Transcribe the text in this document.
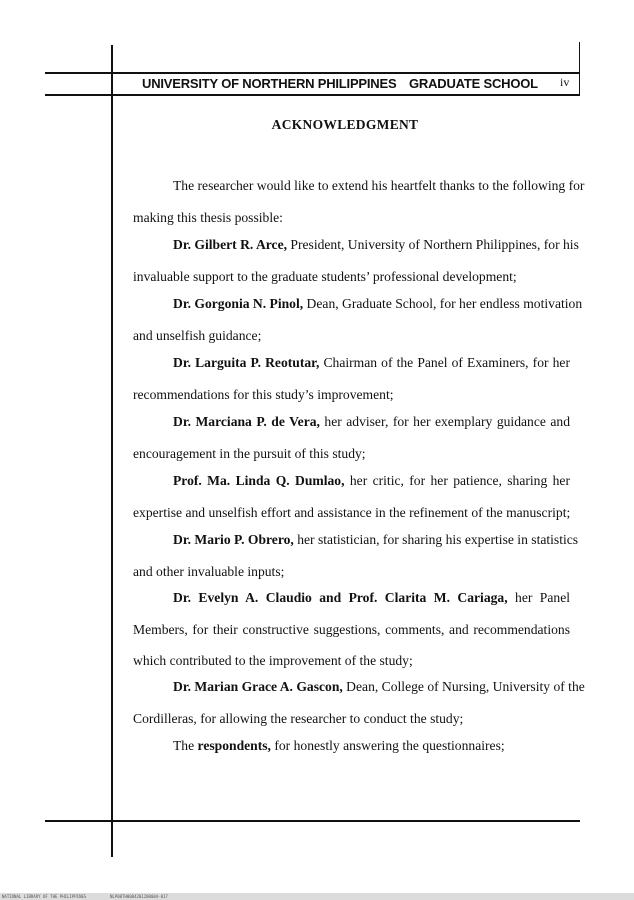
UNIVERSITY OF NORTHERN PHILIPPINES GRADUATE SCHOOL iv
ACKNOWLEDGMENT
The researcher would like to extend his heartfelt thanks to the following for
making this thesis possible:
Dr. Gilbert R. Arce, President, University of Northern Philippines, for his
invaluable support to the graduate students’ professional development;
Dr. Gorgonia N. Pinol, Dean, Graduate School, for her endless motivation
and unselfish guidance;
Dr. Larguita P. Reotutar, Chairman of the Panel of Examiners, for her
recommendations for this study’s improvement;
Dr. Marciana P. de Vera, her adviser, for her exemplary guidance and
encouragement in the pursuit of this study;
Prof. Ma. Linda Q. Dumlao, her critic, for her patience, sharing her
expertise and unselfish effort and assistance in the refinement of the manuscript;
Dr. Mario P. Obrero, her statistician, for sharing his expertise in statistics
and other invaluable inputs;
Dr. Evelyn A. Claudio and Prof. Clarita M. Cariaga, her Panel
Members, for their constructive suggestions, comments, and recommendations
which contributed to the improvement of the study;
Dr. Marian Grace A. Gascon, Dean, College of Nursing, University of the
Cordilleras, for allowing the researcher to conduct the study;
The respondents, for honestly answering the questionnaires;
NATIONAL LIBRARY OF THE PHILIPPINES	NLP00TH0004201200004-017
